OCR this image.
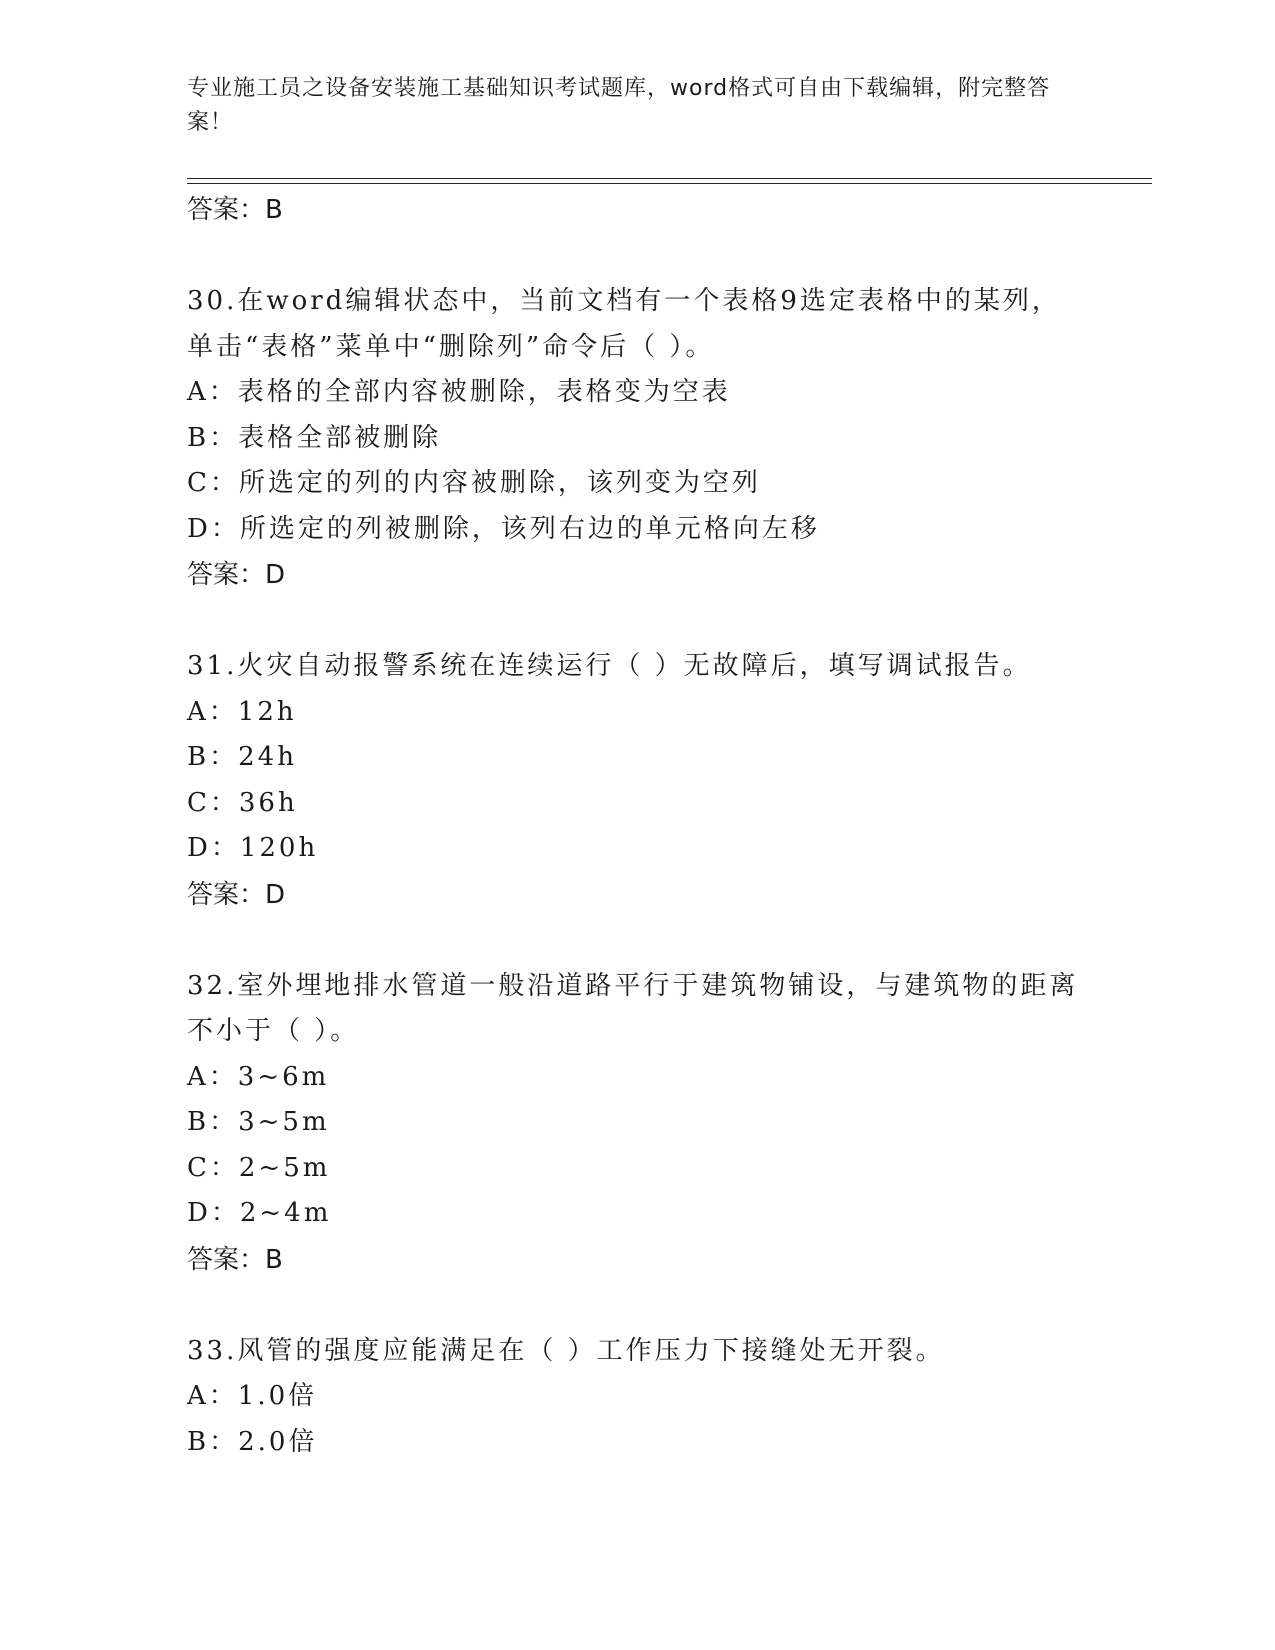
专业施工员之设备安装施工基础知识考试题库，word格式可自由下载编辑，附完整答案！
答案：B
30.在word编辑状态中，当前文档有一个表格9选定表格中的某列，
单击“表格”菜单中“删除列”命令后（ ）。
A：表格的全部内容被删除，表格变为空表
B：表格全部被删除
C：所选定的列的内容被删除，该列变为空列
D：所选定的列被删除，该列右边的单元格向左移
答案：D
31.火灾自动报警系统在连续运行（ ）无故障后，填写调试报告。
A：12h
B：24h
C：36h
D：120h
答案：D
32.室外埋地排水管道一般沿道路平行于建筑物铺设，与建筑物的距离
不小于（ ）。
A：3~6m
B：3~5m
C：2~5m
D：2~4m
答案：B
33.风管的强度应能满足在（ ）工作压力下接缝处无开裂。
A：1.0倍
B：2.0倍
